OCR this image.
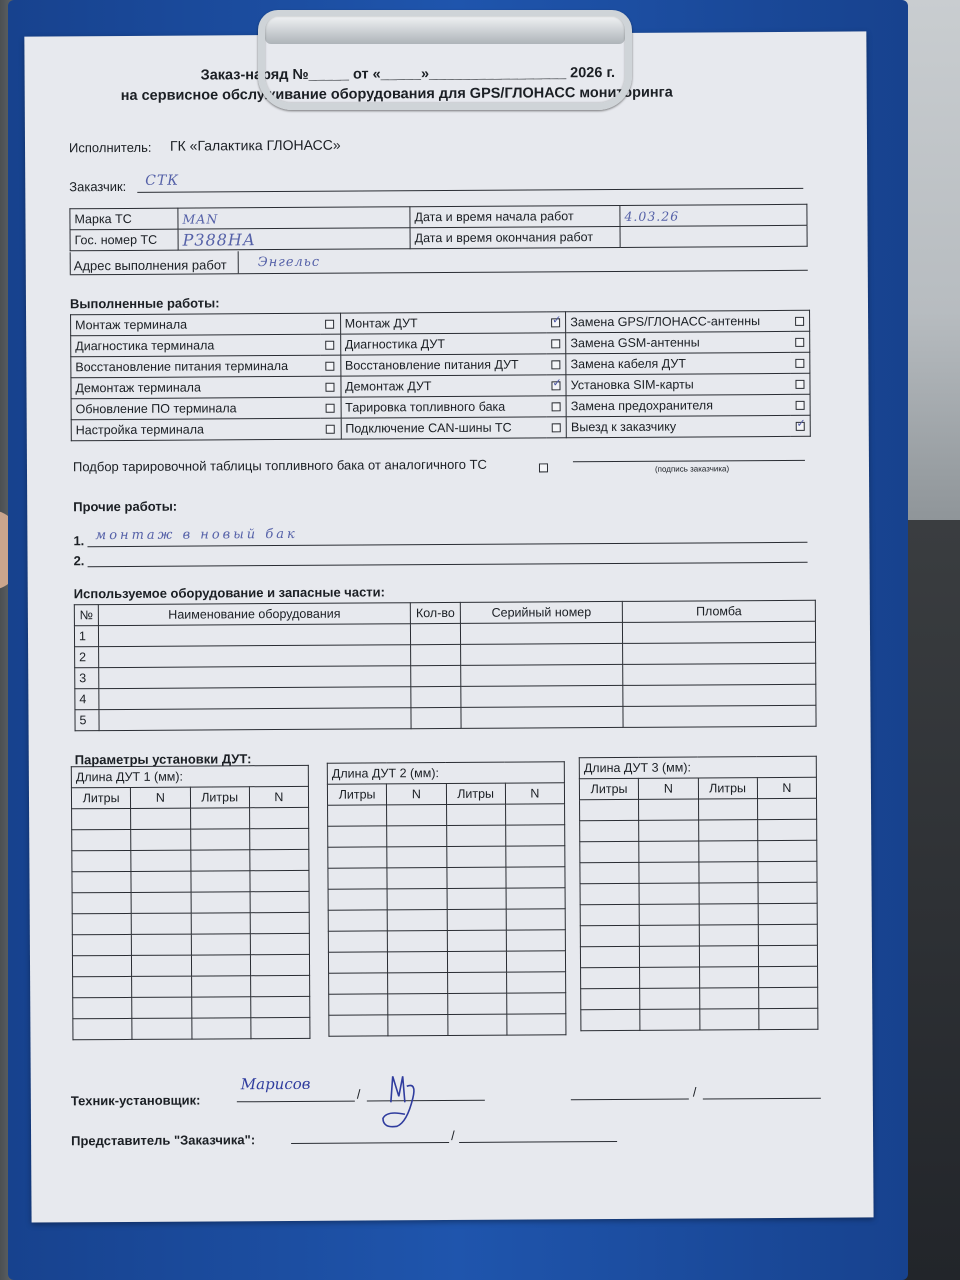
Заказ-наряд №_____ от «_____»_________________ 2026 г.
на сервисное обслуживание оборудования для GPS/ГЛОНАСС мониторинга
Исполнитель: ГК «Галактика ГЛОНАСС»
Заказчик: СТК
Марка ТС	MAN	Дата и время начала работ	4.03.26
Гос. номер ТС	Р388НА	Дата и время окончания работ	
Адрес выполнения работ Энгельс
Выполненные работы:
Монтаж терминала		Монтаж ДУТ	✓	Замена GPS/ГЛОНАСС-антенны	
Диагностика терминала		Диагностика ДУТ		Замена GSM-антенны	
Восстановление питания терминала		Восстановление питания ДУТ		Замена кабеля ДУТ	
Демонтаж терминала		Демонтаж ДУТ	✓	Установка SIM-карты	
Обновление ПО терминала		Тарировка топливного бака		Замена предохранителя	
Настройка терминала		Подключение CAN-шины ТС		Выезд к заказчику	✓
Подбор тарировочной таблицы топливного бака от аналогичного ТС	(подпись заказчика)
Прочие работы:
1. монтаж в новый бак
2.
Используемое оборудование и запасные части:
№	Наименование оборудования	Кол-во	Серийный номер	Пломба
1				
2				
3				
4				
5				
Параметры установки ДУТ:
Длина ДУТ 1 (мм):			
Литры	N	Литры	N

Длина ДУТ 2 (мм):			
Литры	N	Литры	N

Длина ДУТ 3 (мм):			
Литры	N	Литры	N

Техник-установщик:	/
Марисов	/
Представитель "Заказчика":	/
